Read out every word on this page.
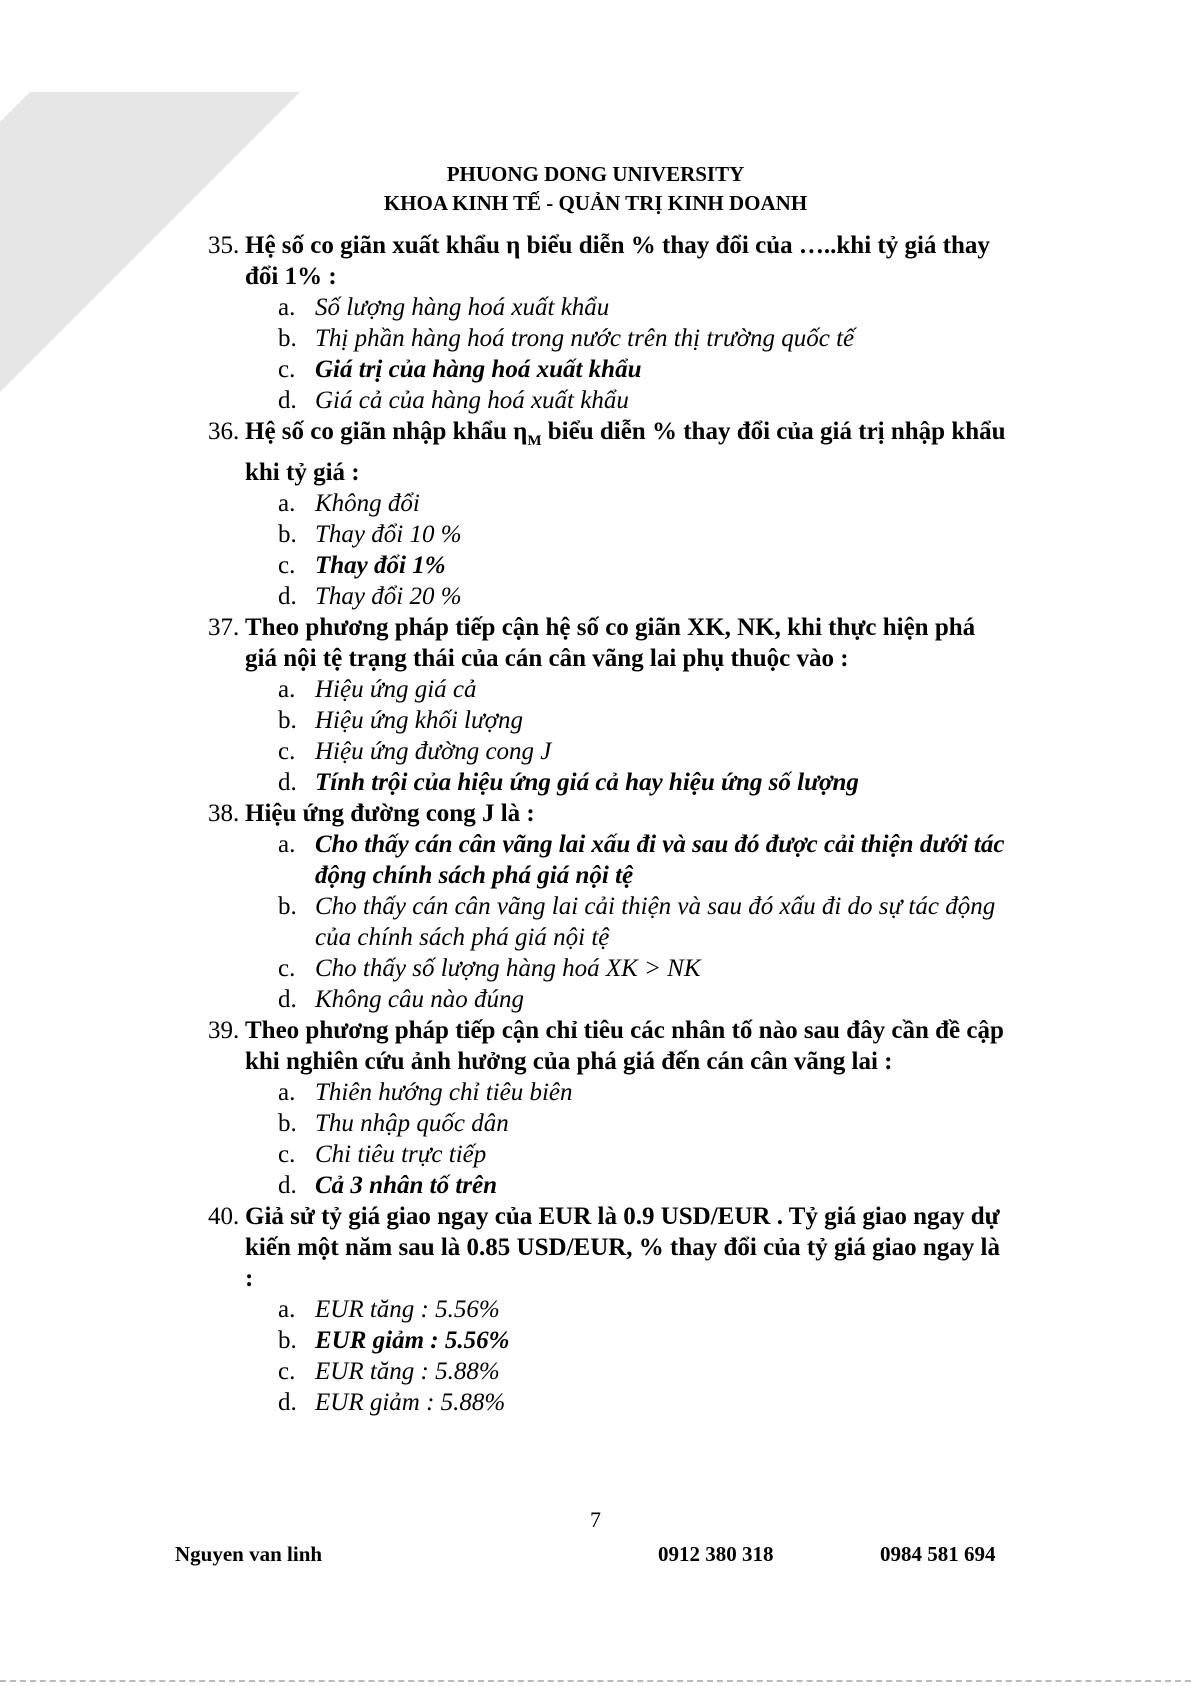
PHUONG DONG UNIVERSITY
KHOA KINH TẾ - QUẢN TRỊ KINH DOANH
35. Hệ số co giãn xuất khẩu η biểu diễn % thay đổi của …..khi tỷ giá thay đổi 1% :
a. Số lượng hàng hoá xuất khẩu
b. Thị phần hàng hoá trong nước trên thị trường quốc tế
c. Giá trị của hàng hoá xuất khẩu
d. Giá cả của hàng hoá xuất khẩu
36. Hệ số co giãn nhập khẩu $\eta_M$ biểu diễn % thay đổi của giá trị nhập khẩu khi tỷ giá :
a. Không đổi
b. Thay đổi 10 %
c. Thay đổi 1%
d. Thay đổi 20 %
37. Theo phương pháp tiếp cận hệ số co giãn XK, NK, khi thực hiện phá giá nội tệ trạng thái của cán cân vãng lai phụ thuộc vào :
a. Hiệu ứng giá cả
b. Hiệu ứng khối lượng
c. Hiệu ứng đường cong J
d. Tính trội của hiệu ứng giá cả hay hiệu ứng số lượng
38. Hiệu ứng đường cong J là :
a. Cho thấy cán cân vãng lai xấu đi và sau đó được cải thiện dưới tác động chính sách phá giá nội tệ
b. Cho thấy cán cân vãng lai cải thiện và sau đó xấu đi do sự tác động của chính sách phá giá nội tệ
c. Cho thấy số lượng hàng hoá XK > NK
d. Không câu nào đúng
39. Theo phương pháp tiếp cận chỉ tiêu các nhân tố nào sau đây cần đề cập khi nghiên cứu ảnh hưởng của phá giá đến cán cân vãng lai :
a. Thiên hướng chỉ tiêu biên
b. Thu nhập quốc dân
c. Chi tiêu trực tiếp
d. Cả 3 nhân tố trên
40. Giả sử tỷ giá giao ngay của EUR là 0.9 USD/EUR . Tỷ giá giao ngay dự kiến một năm sau là 0.85 USD/EUR, % thay đổi của tỷ giá giao ngay là :
a. EUR tăng : 5.56%
b. EUR giảm : 5.56%
c. EUR tăng : 5.88%
d. EUR giảm : 5.88%
7
Nguyen van linh	0912 380 318	0984 581 694
